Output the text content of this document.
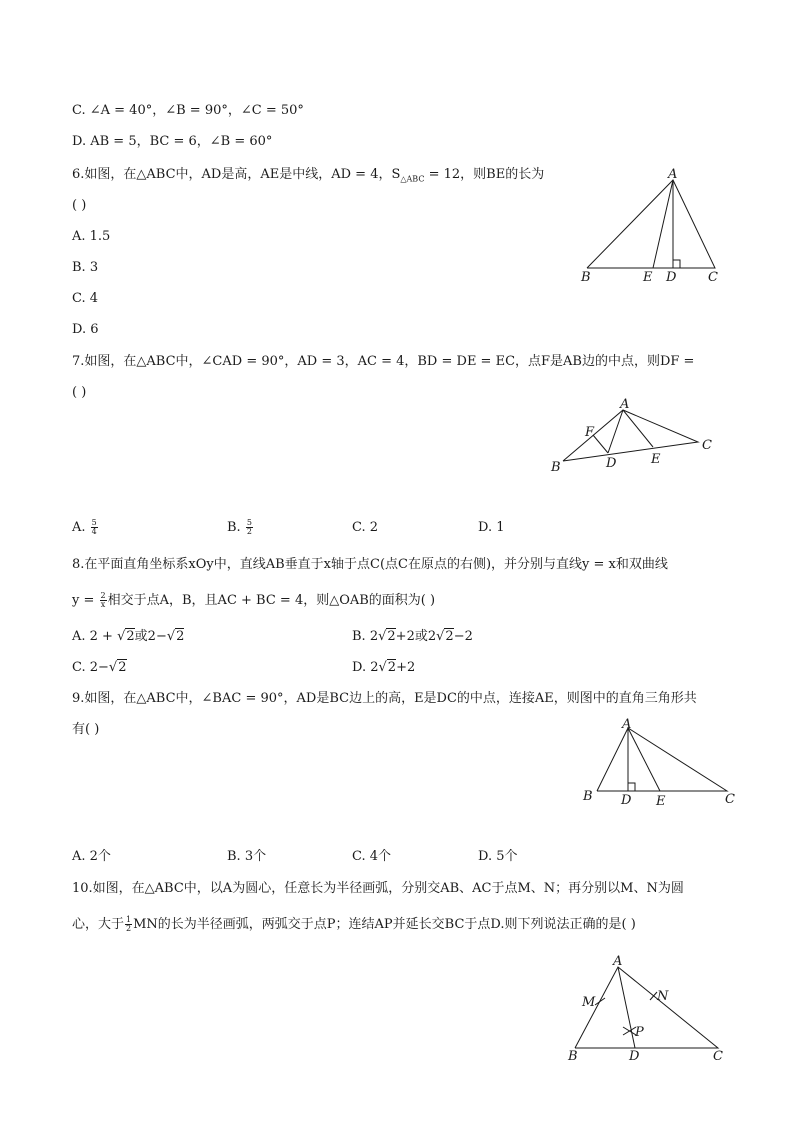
C. ∠A = 40°，∠B = 90°，∠C = 50°
D. AB = 5，BC = 6，∠B = 60°
6.如图，在△ABC中，AD是高，AE是中线，AD = 4，$S_{\triangle ABC} = 12$，则BE的长为
( )
A. 1.5
B. 3
C. 4
D. 6
A
B	E D C
7.如图，在△ABC中，∠CAD = 90°，AD = 3，AC = 4，BD = DE = EC，点F是AB边的中点，则DF =
( )
A
F
C
B	D	E
A. $\frac{5}{4}$	B. $\frac{5}{2}$	C. 2	D. 1
8.在平面直角坐标系xOy中，直线AB垂直于x轴于点C(点C在原点的右侧)，并分别与直线y = x和双曲线
$y = \frac{2}{x}$ 相交于点A，B，且AC + BC = 4，则△OAB的面积为( )
A. 2 + √2或2−√2	B. 2√2+2或2√2−2
C. 2−√2	D. 2√2+2
9.如图，在△ABC中，∠BAC = 90°，AD是BC边上的高，E是DC的中点，连接AE，则图中的直角三角形共
有( )	A
B D E	C
A. 2个	B. 3个	C. 4个	D. 5个
10.如图，在△ABC中，以A为圆心，任意长为半径画弧，分别交AB、AC于点M、N；再分别以M、N为圆
心，大于 $\frac{1}{2}$ MN的长为半径画弧，两弧交于点P；连结AP并延长交BC于点D.则下列说法正确的是( )
A
M	N
P
B	D	C
